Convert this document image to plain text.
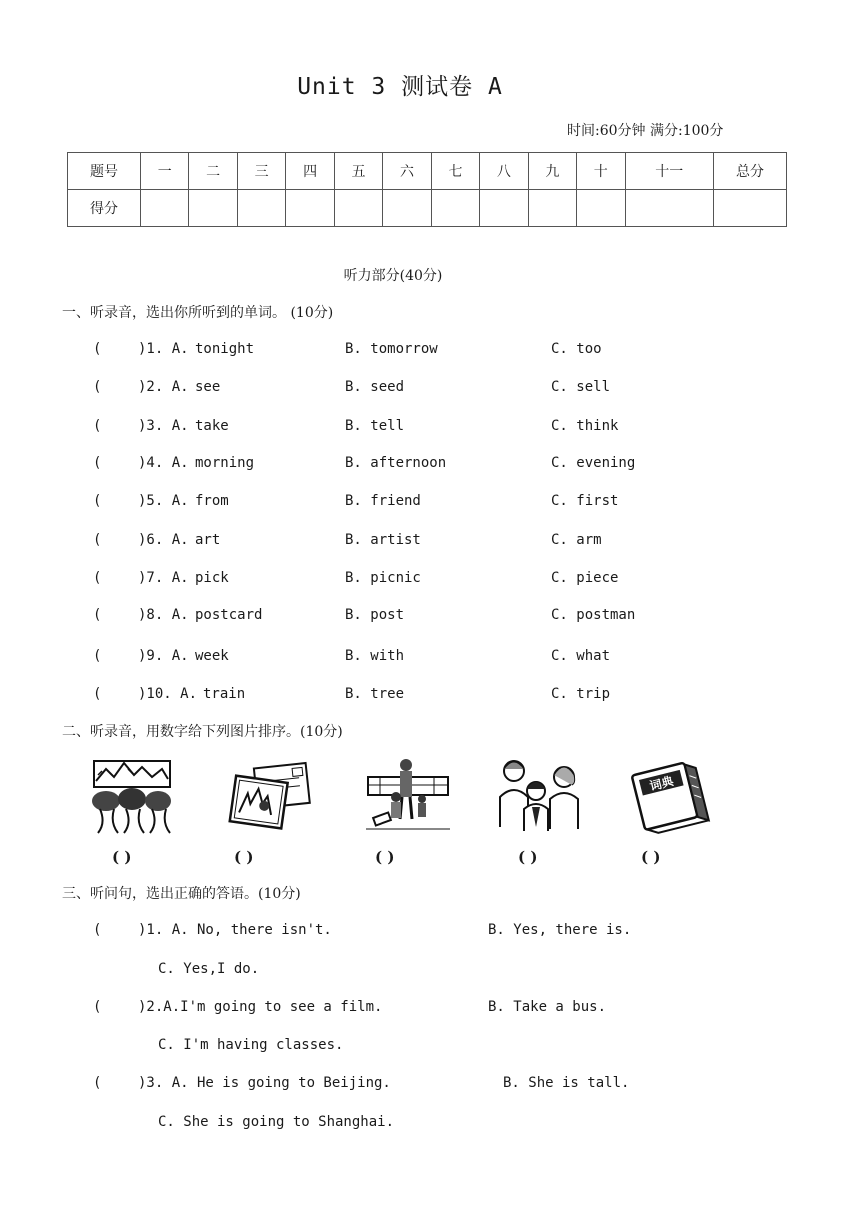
Unit 3 测试卷 A
时间:60分钟 满分:100分
题号	一	二	三	四	五	六	七	八	九	十	十一	总分
得分												
听力部分(40分)
一、听录音，选出你所听到的单词。 (10分)
(	)1. A. tonight	B. tomorrow	C. too
(	)2. A. see	B. seed	C. sell
(	)3. A. take	B. tell	C. think
(	)4. A. morning	B. afternoon	C. evening
(	)5. A. from	B. friend	C. first
(	)6. A. art	B. artist	C. arm
(	)7. A. pick	B. picnic	C. piece
(	)8. A. postcard	B. post	C. postman
(	)9. A. week	B. with	C. what
(	)10. A. train	B. tree	C. trip
二、听录音，用数字给下列图片排序。(10分)
词典
( )	( )	( )	( )	( )
三、听问句，选出正确的答语。(10分)
(	)1. A. No, there isn't.	B. Yes, there is.
C. Yes,I do.
(	)2.A.I'm going to see a film.	B. Take a bus.
C. I'm having classes.
(	)3. A. He is going to Beijing.	B. She is tall.
C. She is going to Shanghai.
